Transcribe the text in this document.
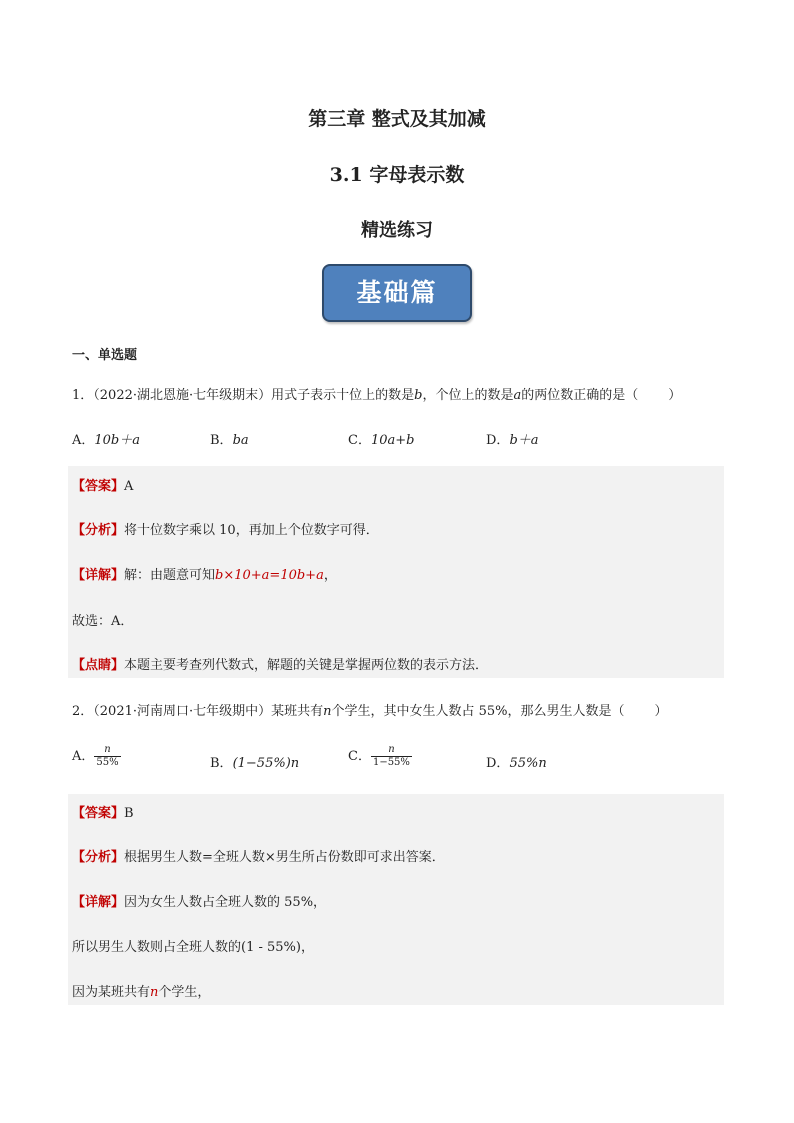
第三章 整式及其加减
3.1 字母表示数
精选练习
基础篇
一、单选题
1．（2022·湖北恩施·七年级期末）用式子表示十位上的数是b，个位上的数是a的两位数正确的是（ ）
A．10b＋a	B．ba	C．10a+b	D．b＋a
【答案】A
【分析】将十位数字乘以 10，再加上个位数字可得．
【详解】解：由题意可知b×10+a=10b+a，
故选：A．
【点睛】本题主要考查列代数式，解题的关键是掌握两位数的表示方法．
2．（2021·河南周口·七年级期中）某班共有n个学生，其中女生人数占 55%，那么男生人数是（ ）
A． $\frac{n}{55\%}$	B．(1−55%)n	C． $\frac{n}{1-55\%}$	D．55%n
【答案】B
【分析】根据男生人数=全班人数×男生所占份数即可求出答案．
【详解】因为女生人数占全班人数的 55%，
所以男生人数则占全班人数的(1 - 55%)，
因为某班共有n个学生，
